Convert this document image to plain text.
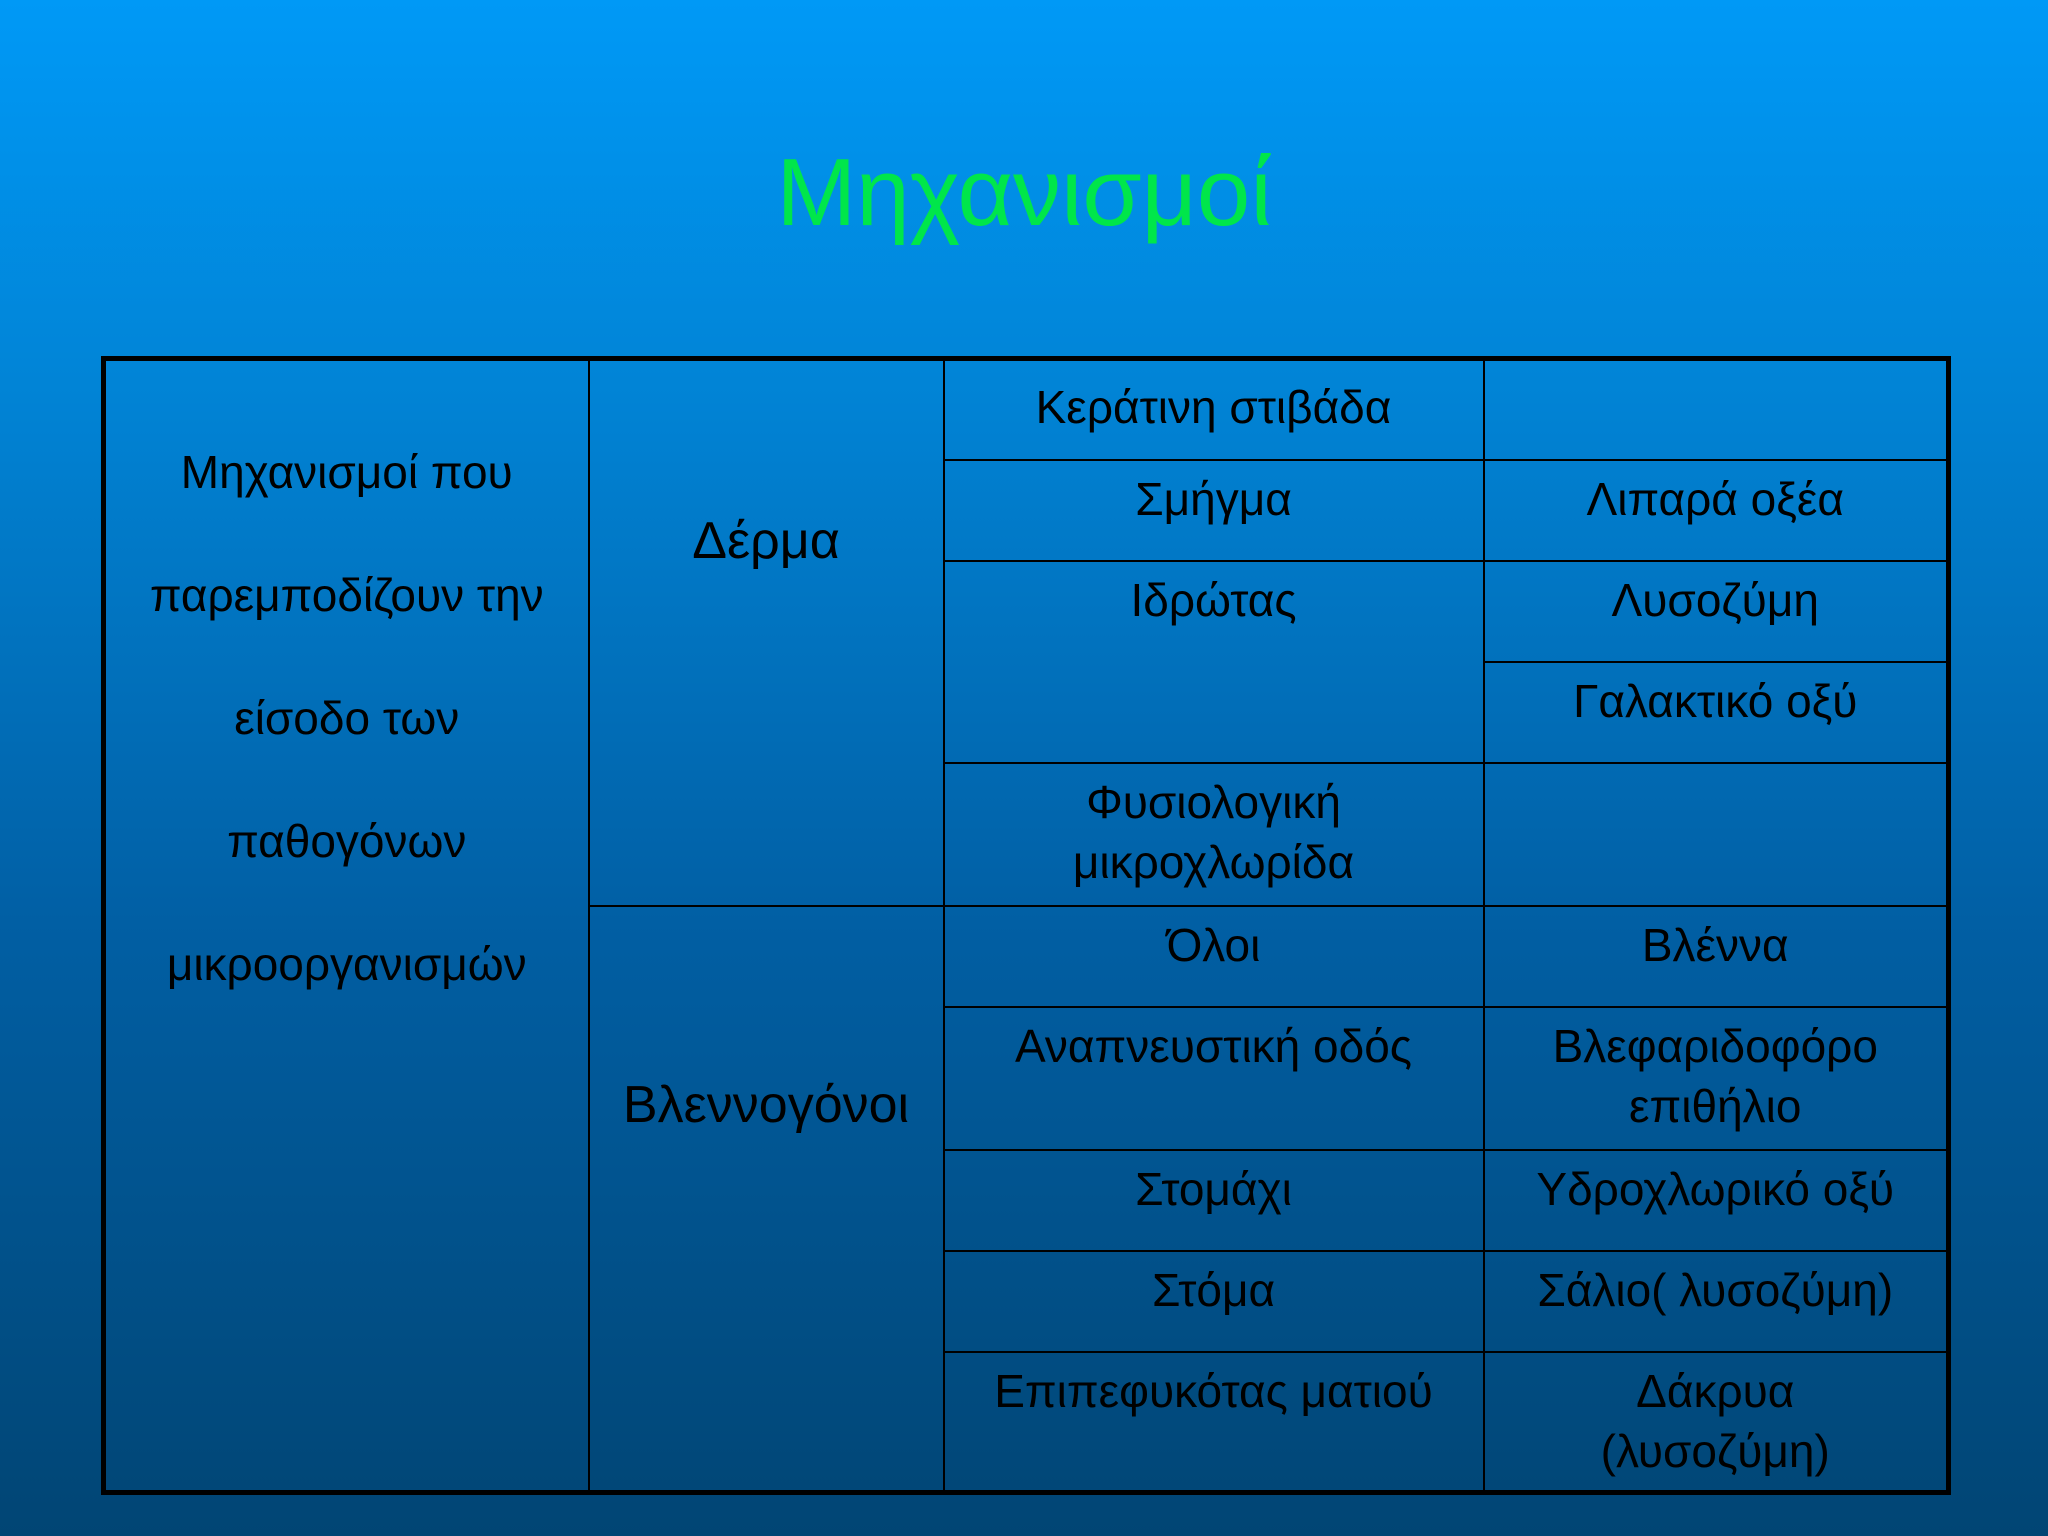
Μηχανισμοί
Μηχανισμοί που
παρεμποδίζουν την
είσοδο των
παθογόνων
μικροοργανισμών	Δέρμα	Κεράτινη στιβάδα	
		Σμήγμα	Λιπαρά οξέα
		Ιδρώτας	Λυσοζύμη
			Γαλακτικό οξύ

		Φυσιολογική
μικροχλωρίδα	

	Βλεννογόνοι	Όλοι	Βλέννα
		Αναπνευστική οδός	Βλεφαριδοφόρο
επιθήλιο

		Στομάχι	Υδροχλωρικό οξύ
		Στόμα	Σάλιο( λυσοζύμη)
		Επιπεφυκότας ματιού	Δάκρυα
(λυσοζύμη)
